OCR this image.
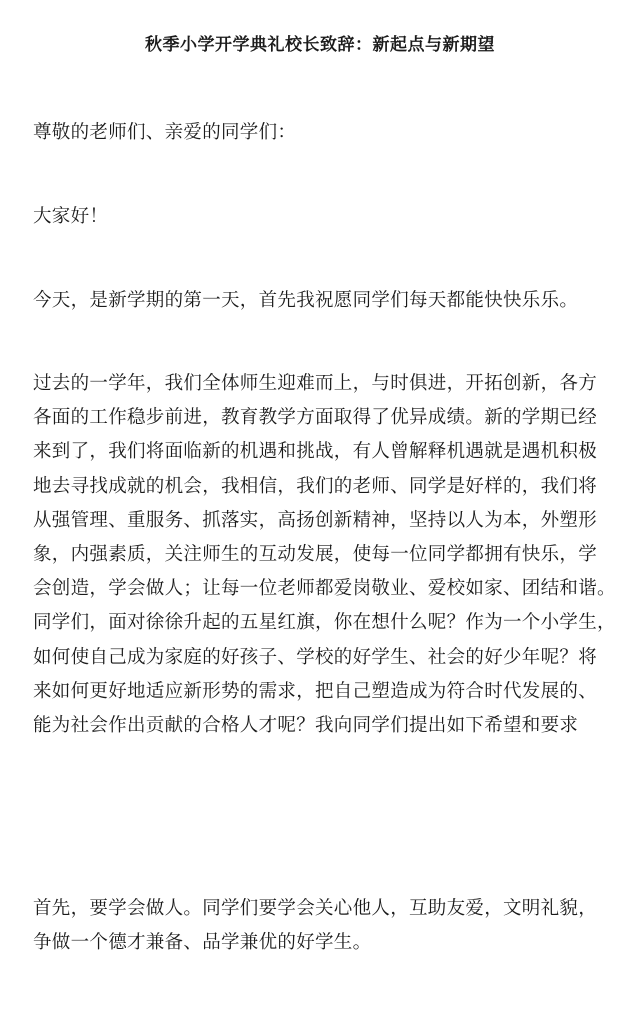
秋季小学开学典礼校长致辞：新起点与新期望
尊敬的老师们、亲爱的同学们：
大家好！
今天，是新学期的第一天，首先我祝愿同学们每天都能快快乐乐。
过去的一学年，我们全体师生迎难而上，与时俱进，开拓创新，各方
各面的工作稳步前进，教育教学方面取得了优异成绩。新的学期已经
来到了，我们将面临新的机遇和挑战，有人曾解释机遇就是遇机积极
地去寻找成就的机会，我相信，我们的老师、同学是好样的，我们将
从强管理、重服务、抓落实，高扬创新精神，坚持以人为本，外塑形
象，内强素质，关注师生的互动发展，使每一位同学都拥有快乐，学
会创造，学会做人；让每一位老师都爱岗敬业、爱校如家、团结和谐。
同学们，面对徐徐升起的五星红旗，你在想什么呢？作为一个小学生，
如何使自己成为家庭的好孩子、学校的好学生、社会的好少年呢？将
来如何更好地适应新形势的需求，把自己塑造成为符合时代发展的、
能为社会作出贡献的合格人才呢？我向同学们提出如下希望和要求
首先，要学会做人。同学们要学会关心他人，互助友爱，文明礼貌，
争做一个德才兼备、品学兼优的好学生。
